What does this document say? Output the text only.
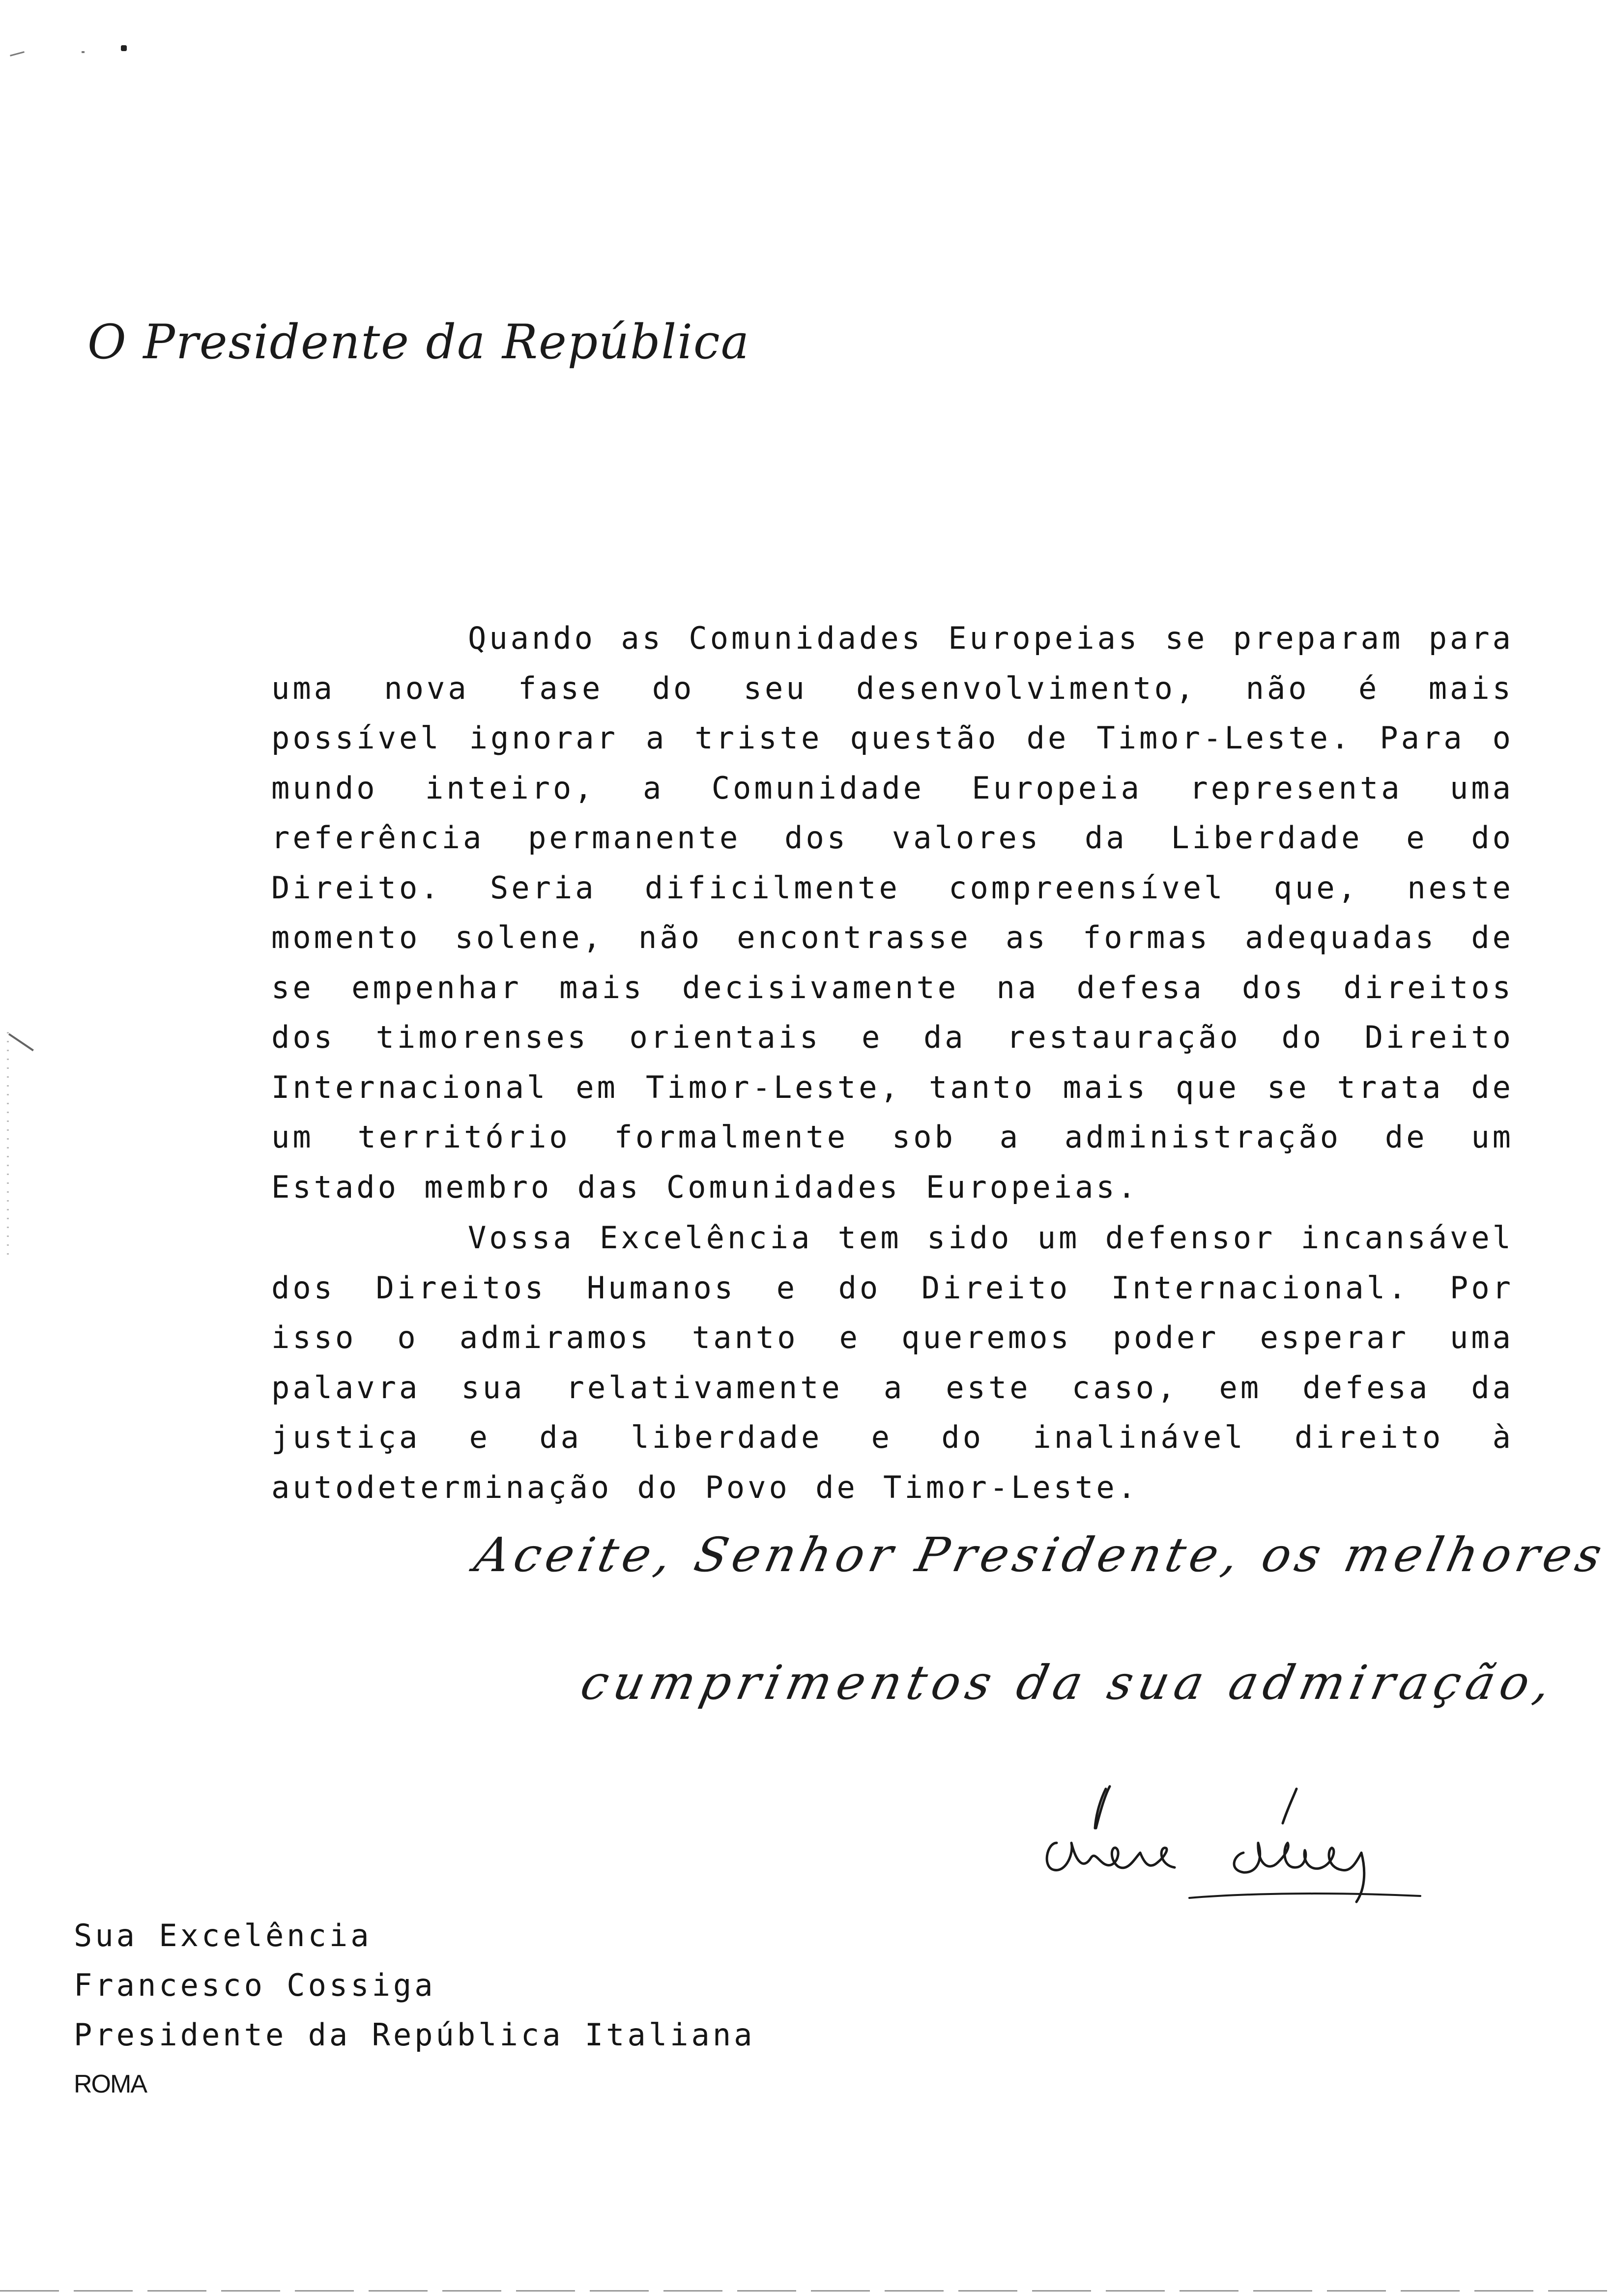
O Presidente da República

Quando as Comunidades Europeias se preparam para uma nova fase do seu desenvolvimento, não é mais possível ignorar a triste questão de Timor-Leste. Para o mundo inteiro, a Comunidade Europeia representa uma referência permanente dos valores da Liberdade e do Direito. Seria dificilmente compreensível que, neste momento solene, não encontrasse as formas adequadas de se empenhar mais decisivamente na defesa dos direitos dos timorenses orientais e da restauração do Direito Internacional em Timor-Leste, tanto mais que se trata de um território formalmente sob a administração de um Estado membro das Comunidades Europeias.

Vossa Excelência tem sido um defensor incansável dos Direitos Humanos e do Direito Internacional. Por isso o admiramos tanto e queremos poder esperar uma palavra sua relativamente a este caso, em defesa da justiça e da liberdade e do inalinável direito à autodeterminação do Povo de Timor-Leste.

Aceite, Senhor Presidente, os melhores
cumprimentos da sua admiração,
Sua Excelência
Francesco Cossiga
Presidente da República Italiana
ROMA
